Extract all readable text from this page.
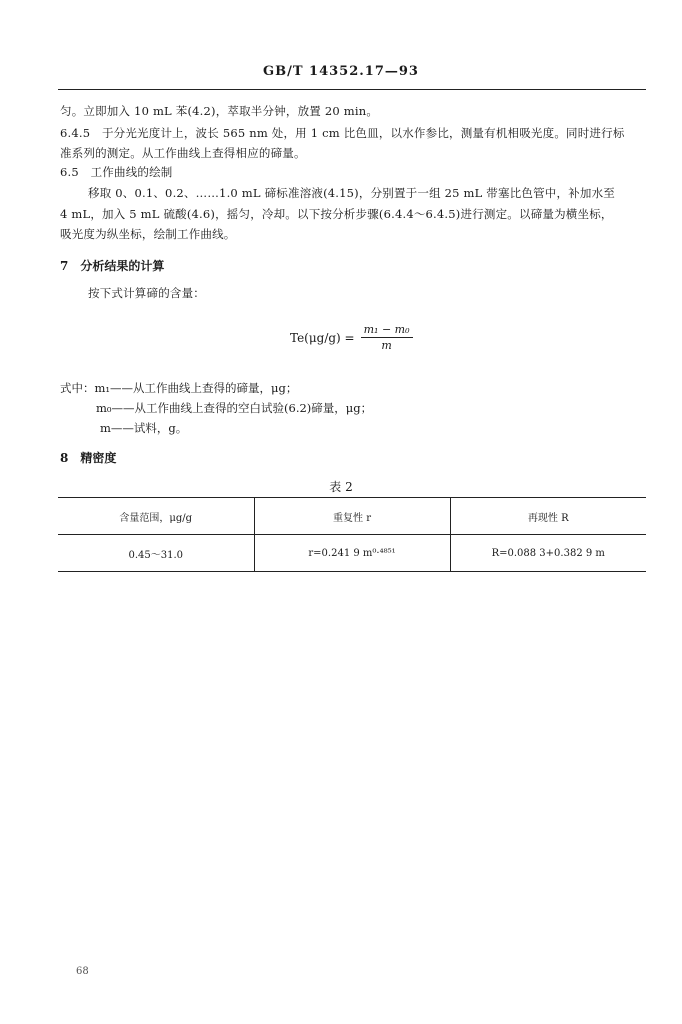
GB/T 14352.17—93
匀。立即加入 10 mL 苯(4.2)，萃取半分钟，放置 20 min。
6.4.5　于分光光度计上，波长 565 nm 处，用 1 cm 比色皿，以水作参比，测量有机相吸光度。同时进行标
准系列的测定。从工作曲线上查得相应的碲量。
6.5　工作曲线的绘制
移取 0、0.1、0.2、……1.0 mL 碲标准溶液(4.15)，分别置于一组 25 mL 带塞比色管中，补加水至
4 mL，加入 5 mL 硫酸(4.6)，摇匀，冷却。以下按分析步骤(6.4.4～6.4.5)进行测定。以碲量为横坐标，
吸光度为纵坐标，绘制工作曲线。
7　分析结果的计算
按下式计算碲的含量：
$Te(\mu g/g) = \frac{\text{m₁ − m₀}}{m}$
式中：m₁——从工作曲线上查得的碲量，μg；
m₀——从工作曲线上查得的空白试验(6.2)碲量，μg；
m——试料，g。
8　精密度
表 2
含量范围，μg/g	重复性 r	再现性 R
0.45～31.0	r=0.241 9 m⁰·⁴⁸⁵¹	R=0.088 3+0.382 9 m
68
